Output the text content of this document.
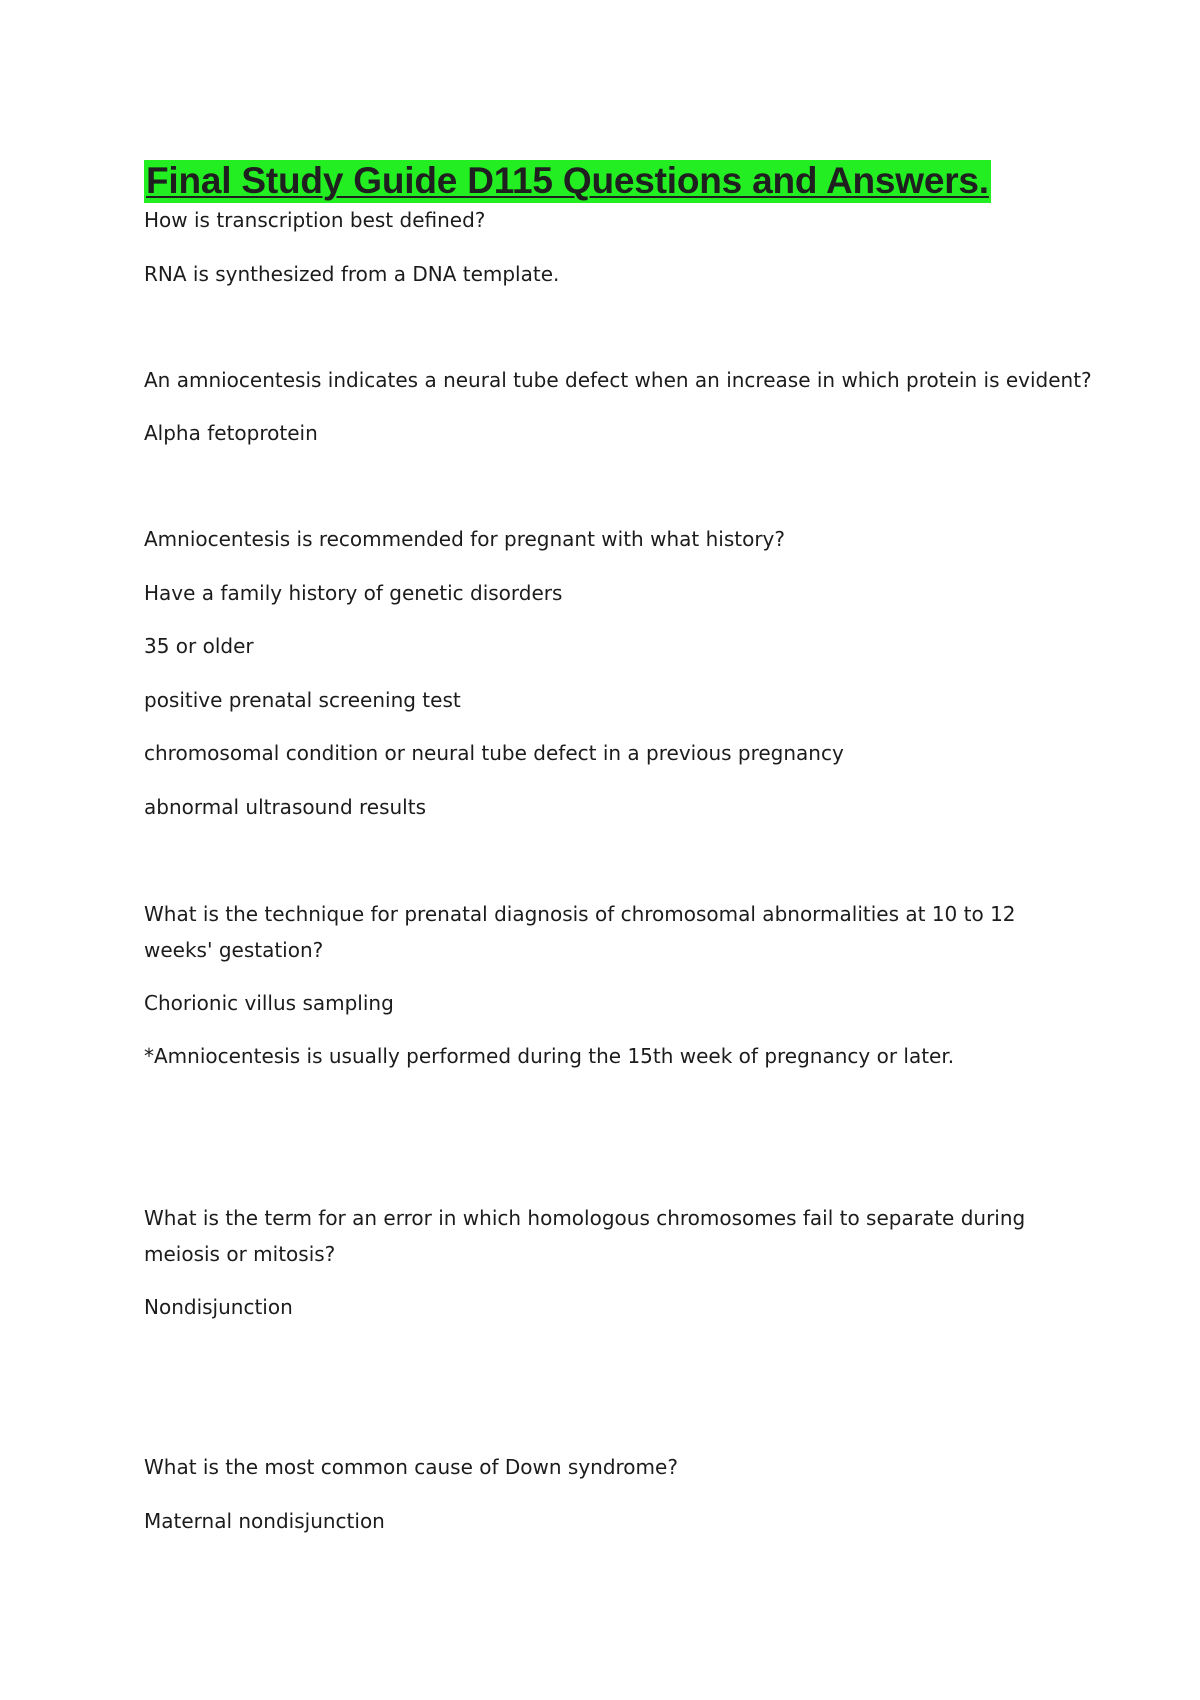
Final Study Guide D115 Questions and Answers.

How is transcription best defined?

RNA is synthesized from a DNA template.

An amniocentesis indicates a neural tube defect when an increase in which protein is evident?

Alpha fetoprotein

Amniocentesis is recommended for pregnant with what history?

Have a family history of genetic disorders

35 or older

positive prenatal screening test

chromosomal condition or neural tube defect in a previous pregnancy

abnormal ultrasound results

What is the technique for prenatal diagnosis of chromosomal abnormalities at 10 to 12 weeks' gestation?

Chorionic villus sampling

*Amniocentesis is usually performed during the 15th week of pregnancy or later.

What is the term for an error in which homologous chromosomes fail to separate during meiosis or mitosis?

Nondisjunction

What is the most common cause of Down syndrome?

Maternal nondisjunction
